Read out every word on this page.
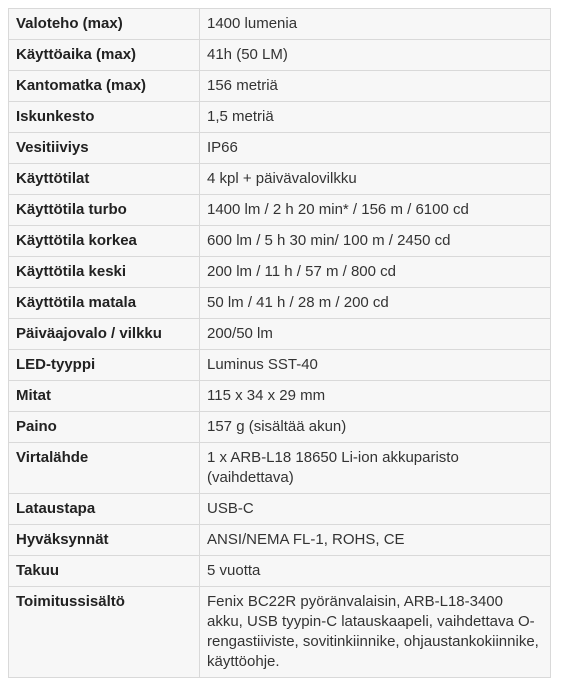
Valoteho (max)	1400 lumenia
Käyttöaika (max)	41h (50 LM)
Kantomatka (max)	156 metriä
Iskunkesto	1,5 metriä
Vesitiiviys	IP66
Käyttötilat	4 kpl + päivävalovilkku
Käyttötila turbo	1400 lm / 2 h 20 min* / 156 m / 6100 cd
Käyttötila korkea	600 lm / 5 h 30 min/ 100 m / 2450 cd
Käyttötila keski	200 lm / 11 h / 57 m / 800 cd
Käyttötila matala	50 lm / 41 h / 28 m / 200 cd
Päiväajovalo / vilkku	200/50 lm
LED-tyyppi	Luminus SST-40
Mitat	115 x 34 x 29 mm
Paino	157 g (sisältää akun)
Virtalähde	1 x ARB-L18 18650 Li-ion akkuparisto (vaihdettava)
Lataustapa	USB-C
Hyväksynnät	ANSI/NEMA FL-1, ROHS, CE
Takuu	5 vuotta
Toimitussisältö	Fenix BC22R pyöränvalaisin, ARB-L18-3400 akku, USB tyypin-C latauskaapeli, vaihdettava O-rengastiiviste, sovitinkiinnike, ohjaustankokiinnike, käyttöohje.
